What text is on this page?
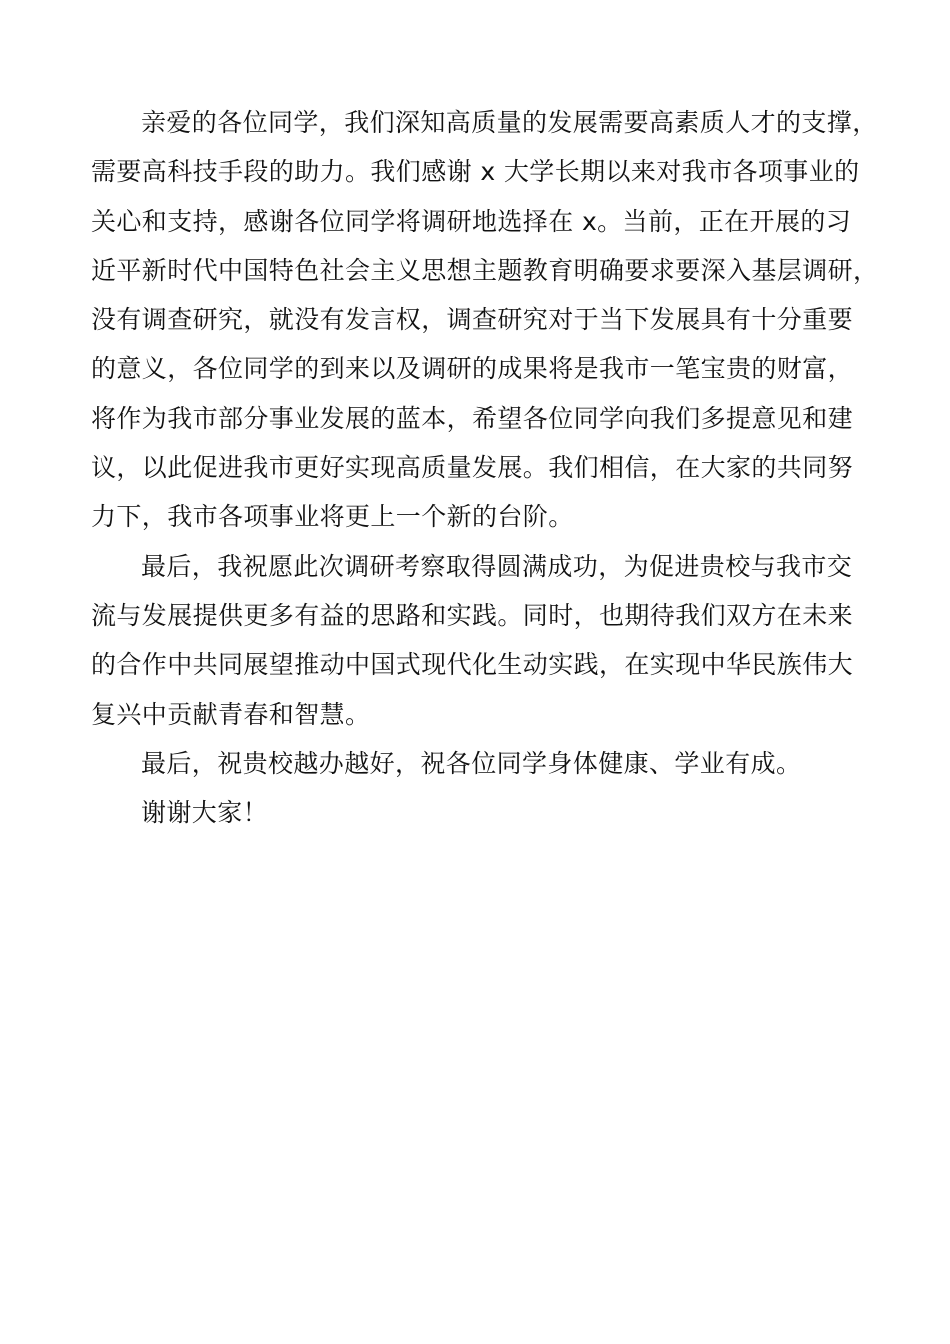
亲爱的各位同学，我们深知高质量的发展需要高素质人才的支撑，
需要高科技手段的助力。我们感谢 x 大学长期以来对我市各项事业的
关心和支持，感谢各位同学将调研地选择在 x。当前，正在开展的习
近平新时代中国特色社会主义思想主题教育明确要求要深入基层调研，
没有调查研究，就没有发言权，调查研究对于当下发展具有十分重要
的意义，各位同学的到来以及调研的成果将是我市一笔宝贵的财富，
将作为我市部分事业发展的蓝本，希望各位同学向我们多提意见和建
议，以此促进我市更好实现高质量发展。我们相信，在大家的共同努
力下，我市各项事业将更上一个新的台阶。

最后，我祝愿此次调研考察取得圆满成功，为促进贵校与我市交
流与发展提供更多有益的思路和实践。同时，也期待我们双方在未来
的合作中共同展望推动中国式现代化生动实践，在实现中华民族伟大
复兴中贡献青春和智慧。

最后，祝贵校越办越好，祝各位同学身体健康、学业有成。

谢谢大家！
